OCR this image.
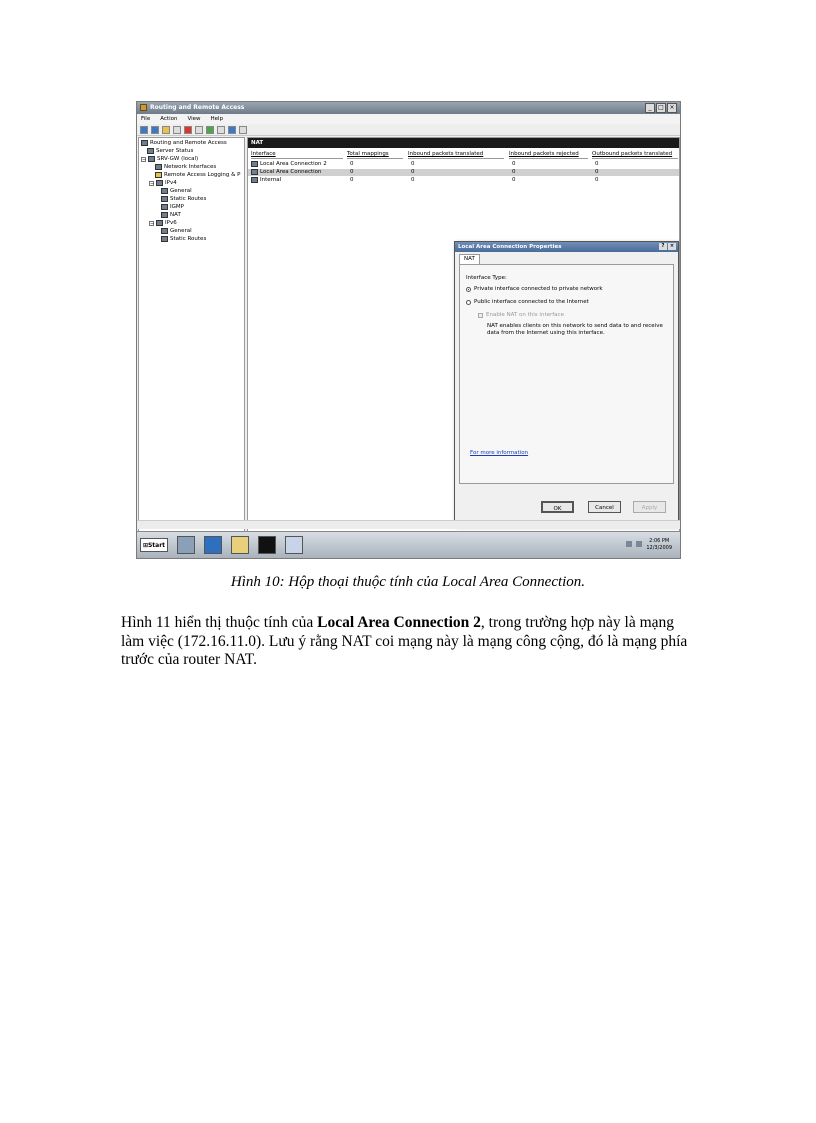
Routing and Remote Access	_	□ ×
File Action View Help
Routing and Remote Access
Server Status
− SRV-GW (local)
Network Interfaces
Remote Access Logging & P
− IPv4
General
Static Routes
IGMP
NAT
− IPv6
General
Static Routes
NAT
Interface	Total mappings	Inbound packets translated	Inbound packets rejected	Outbound packets translated
Local Area Connection 2	0	0	0	0
Local Area Connection	0	0	0	0
Internal	0	0	0	0
Local Area Connection Properties	?	×
NAT
Interface Type:
Private interface connected to private network
Public interface connected to the Internet
Enable NAT on this interface
NAT enables clients on this network to send data to and receive data from the Internet using this interface.
For more information
OK	Cancel	Apply
⊞Start
2:06 PM
12/3/2009
Hình 10: Hộp thoại thuộc tính của Local Area Connection.

Hình 11 hiển thị thuộc tính của Local Area Connection 2, trong trường hợp này là mạng làm việc (172.16.11.0). Lưu ý rằng NAT coi mạng này là mạng công cộng, đó là mạng phía trước của router NAT.
